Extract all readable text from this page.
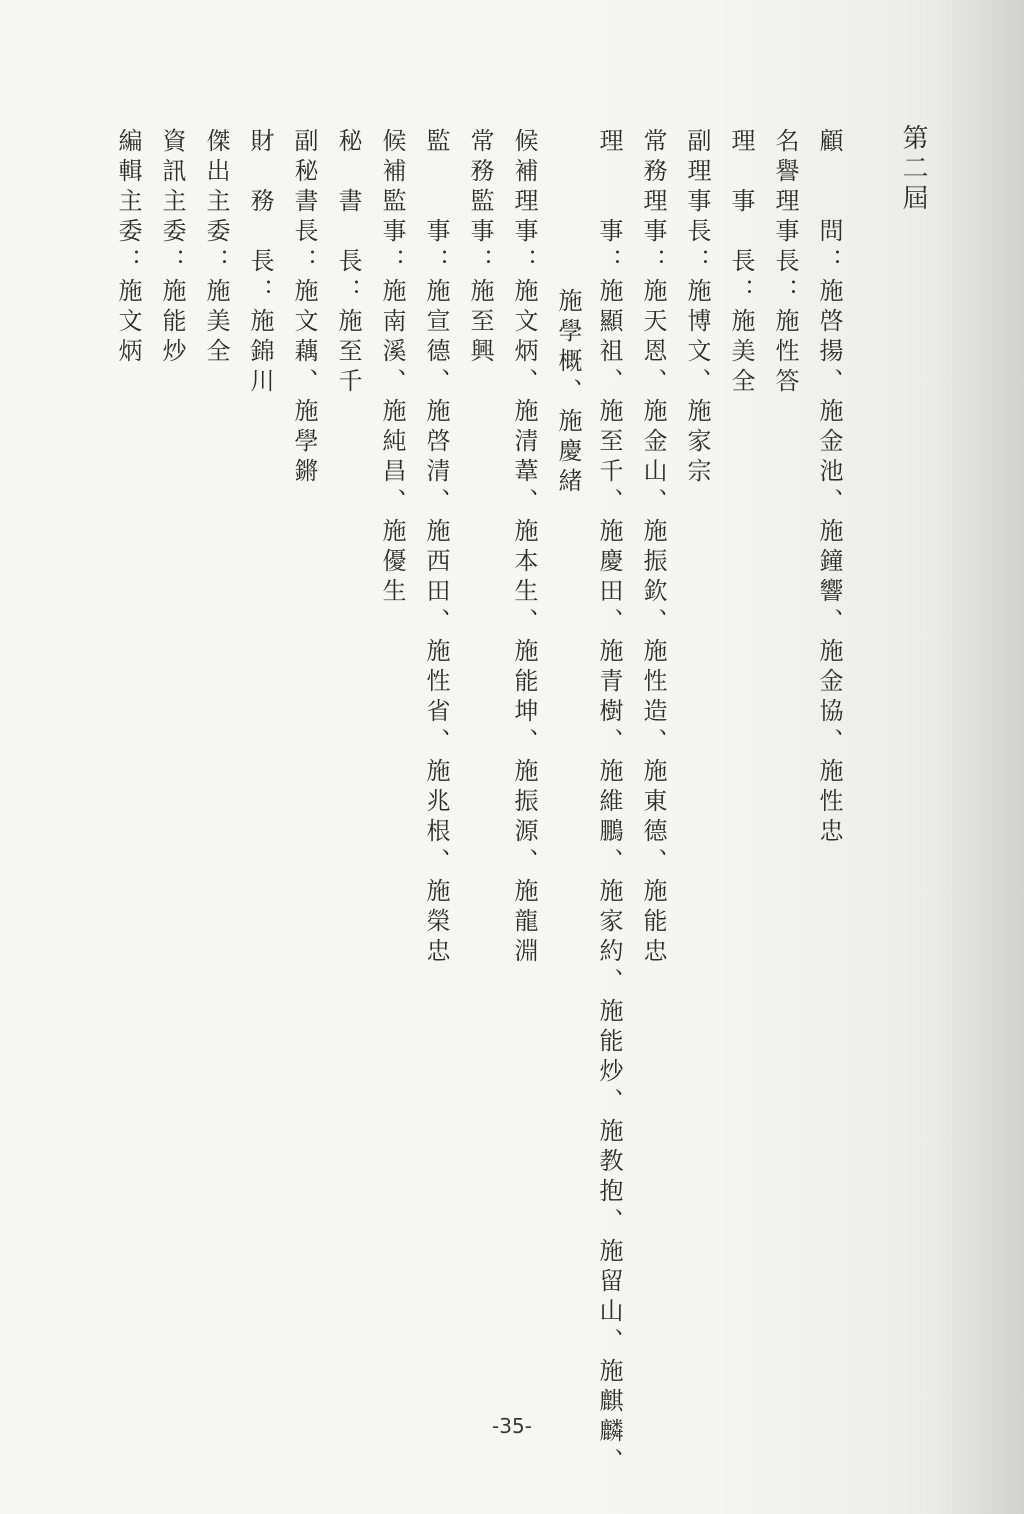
第二屆
顧　　問：施啓揚、施金池、施鐘響、施金協、施性忠
名譽理事長：施性答
理　事　長：施美全
副理事長：施博文、施家宗
常務理事：施天恩、施金山、施振欽、施性造、施東德、施能忠
理　　事：施顯祖、施至千、施慶田、施青樹、施維鵬、施家約、施能炒、施教抱、施留山、施麒麟、
施學概、施慶緒
候補理事：施文炳、施清葦、施本生、施能坤、施振源、施龍淵
常務監事：施至興
監　　事：施宣德、施啓清、施西田、施性省、施兆根、施榮忠
候補監事：施南溪、施純昌、施優生
秘　書　長：施至千
副秘書長：施文藕、施學鏘
財　務　長：施錦川
傑出主委：施美全
資訊主委：施能炒
編輯主委：施文炳
-35-
